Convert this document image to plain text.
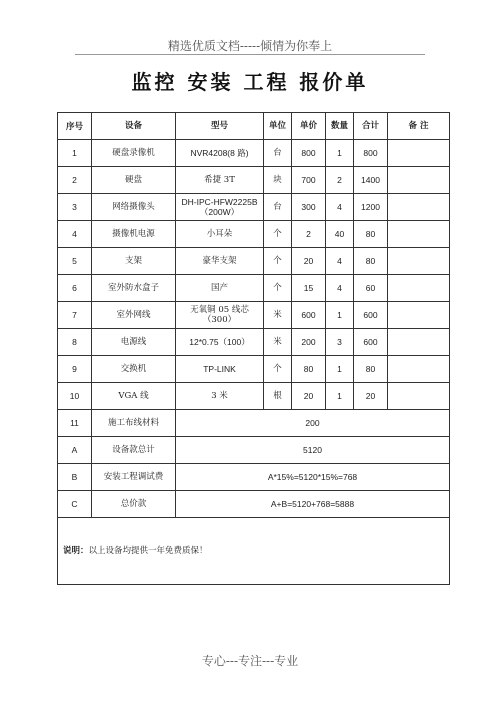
精选优质文档-----倾情为你奉上
监控 安装 工程 报价单
序号	设备	型号	单位	单价	数量	合计	备 注
1	硬盘录像机	NVR4208(8 路)	台	800	1	800	
2	硬盘	希捷 3T	块	700	2	1400	
3	网络摄像头	DH-IPC-HFW2225B（200W）	台	300	4	1200	
4	摄像机电源	小耳朵	个	2	40	80	
5	支架	豪华支架	个	20	4	80	
6	室外防水盒子	国产	个	15	4	60	
7	室外网线	无氧铜 05 线芯（300）	米	600	1	600	
8	电源线	12*0.75（100）	米	200	3	600	
9	交换机	TP-LINK	个	80	1	80	
10	VGA 线	3 米	根	20	1	20	
11	施工布线材料	200					
A	设备款总计	5120					
B	安装工程调试费	A*15%=5120*15%=768					
C	总价款	A+B=5120+768=5888					
说明：以上设备均提供一年免费质保！							
专心---专注---专业
